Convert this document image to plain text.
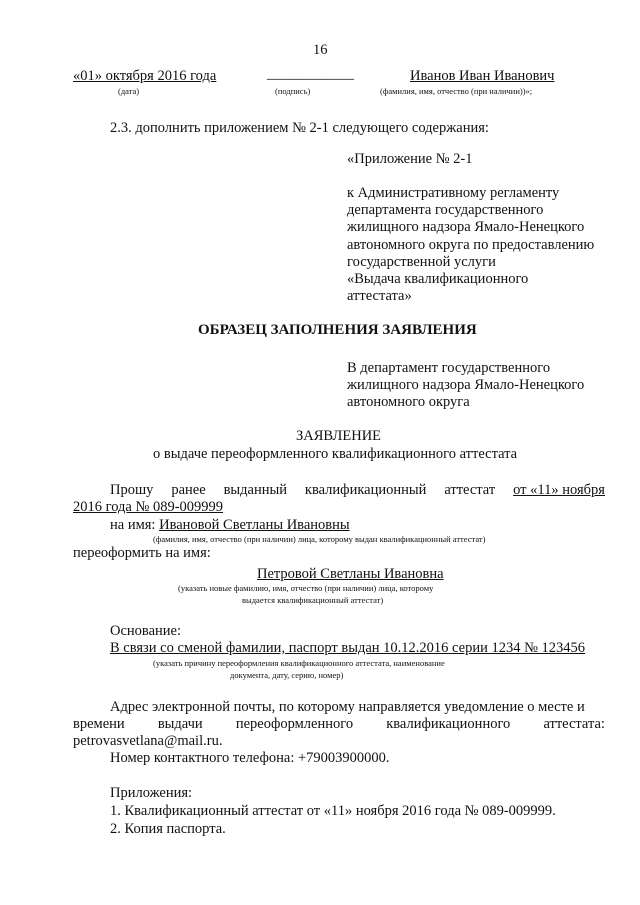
16
«01» октября 2016 года
(дата)
____________
(подпись)
Иванов Иван Иванович
(фамилия, имя, отчество (при наличии))»;
2.3. дополнить приложением № 2-1 следующего содержания:
«Приложение № 2-1
к Административному регламенту
департамента государственного
жилищного надзора Ямало-Ненецкого
автономного округа по предоставлению
государственной услуги
«Выдача квалификационного
аттестата»
ОБРАЗЕЦ ЗАПОЛНЕНИЯ ЗАЯВЛЕНИЯ
В департамент государственного
жилищного надзора Ямало-Ненецкого
автономного округа
ЗАЯВЛЕНИЕ
о выдаче переоформленного квалификационного аттестата
Прошу ранее выданный квалификационный аттестат от «11» ноября
2016 года № 089-009999
на имя: Ивановой Светланы Ивановны
(фамилия, имя, отчество (при наличии) лица, которому выдан квалификационный аттестат)
переоформить на имя:
Петровой Светланы Ивановна
(указать новые фамилию, имя, отчество (при наличии) лица, которому
выдается квалификационный аттестат)
Основание:
В связи со сменой фамилии, паспорт выдан 10.12.2016 серии 1234 № 123456
(указать причину переоформления квалификационного аттестата, наименование
документа, дату, серию, номер)
Адрес электронной почты, по которому направляется уведомление о месте и
времени выдачи переоформленного квалификационного аттестата:
petrovasvetlana@mail.ru.
Номер контактного телефона: +79003900000.
Приложения:
1. Квалификационный аттестат от «11» ноября 2016 года № 089-009999.
2. Копия паспорта.
